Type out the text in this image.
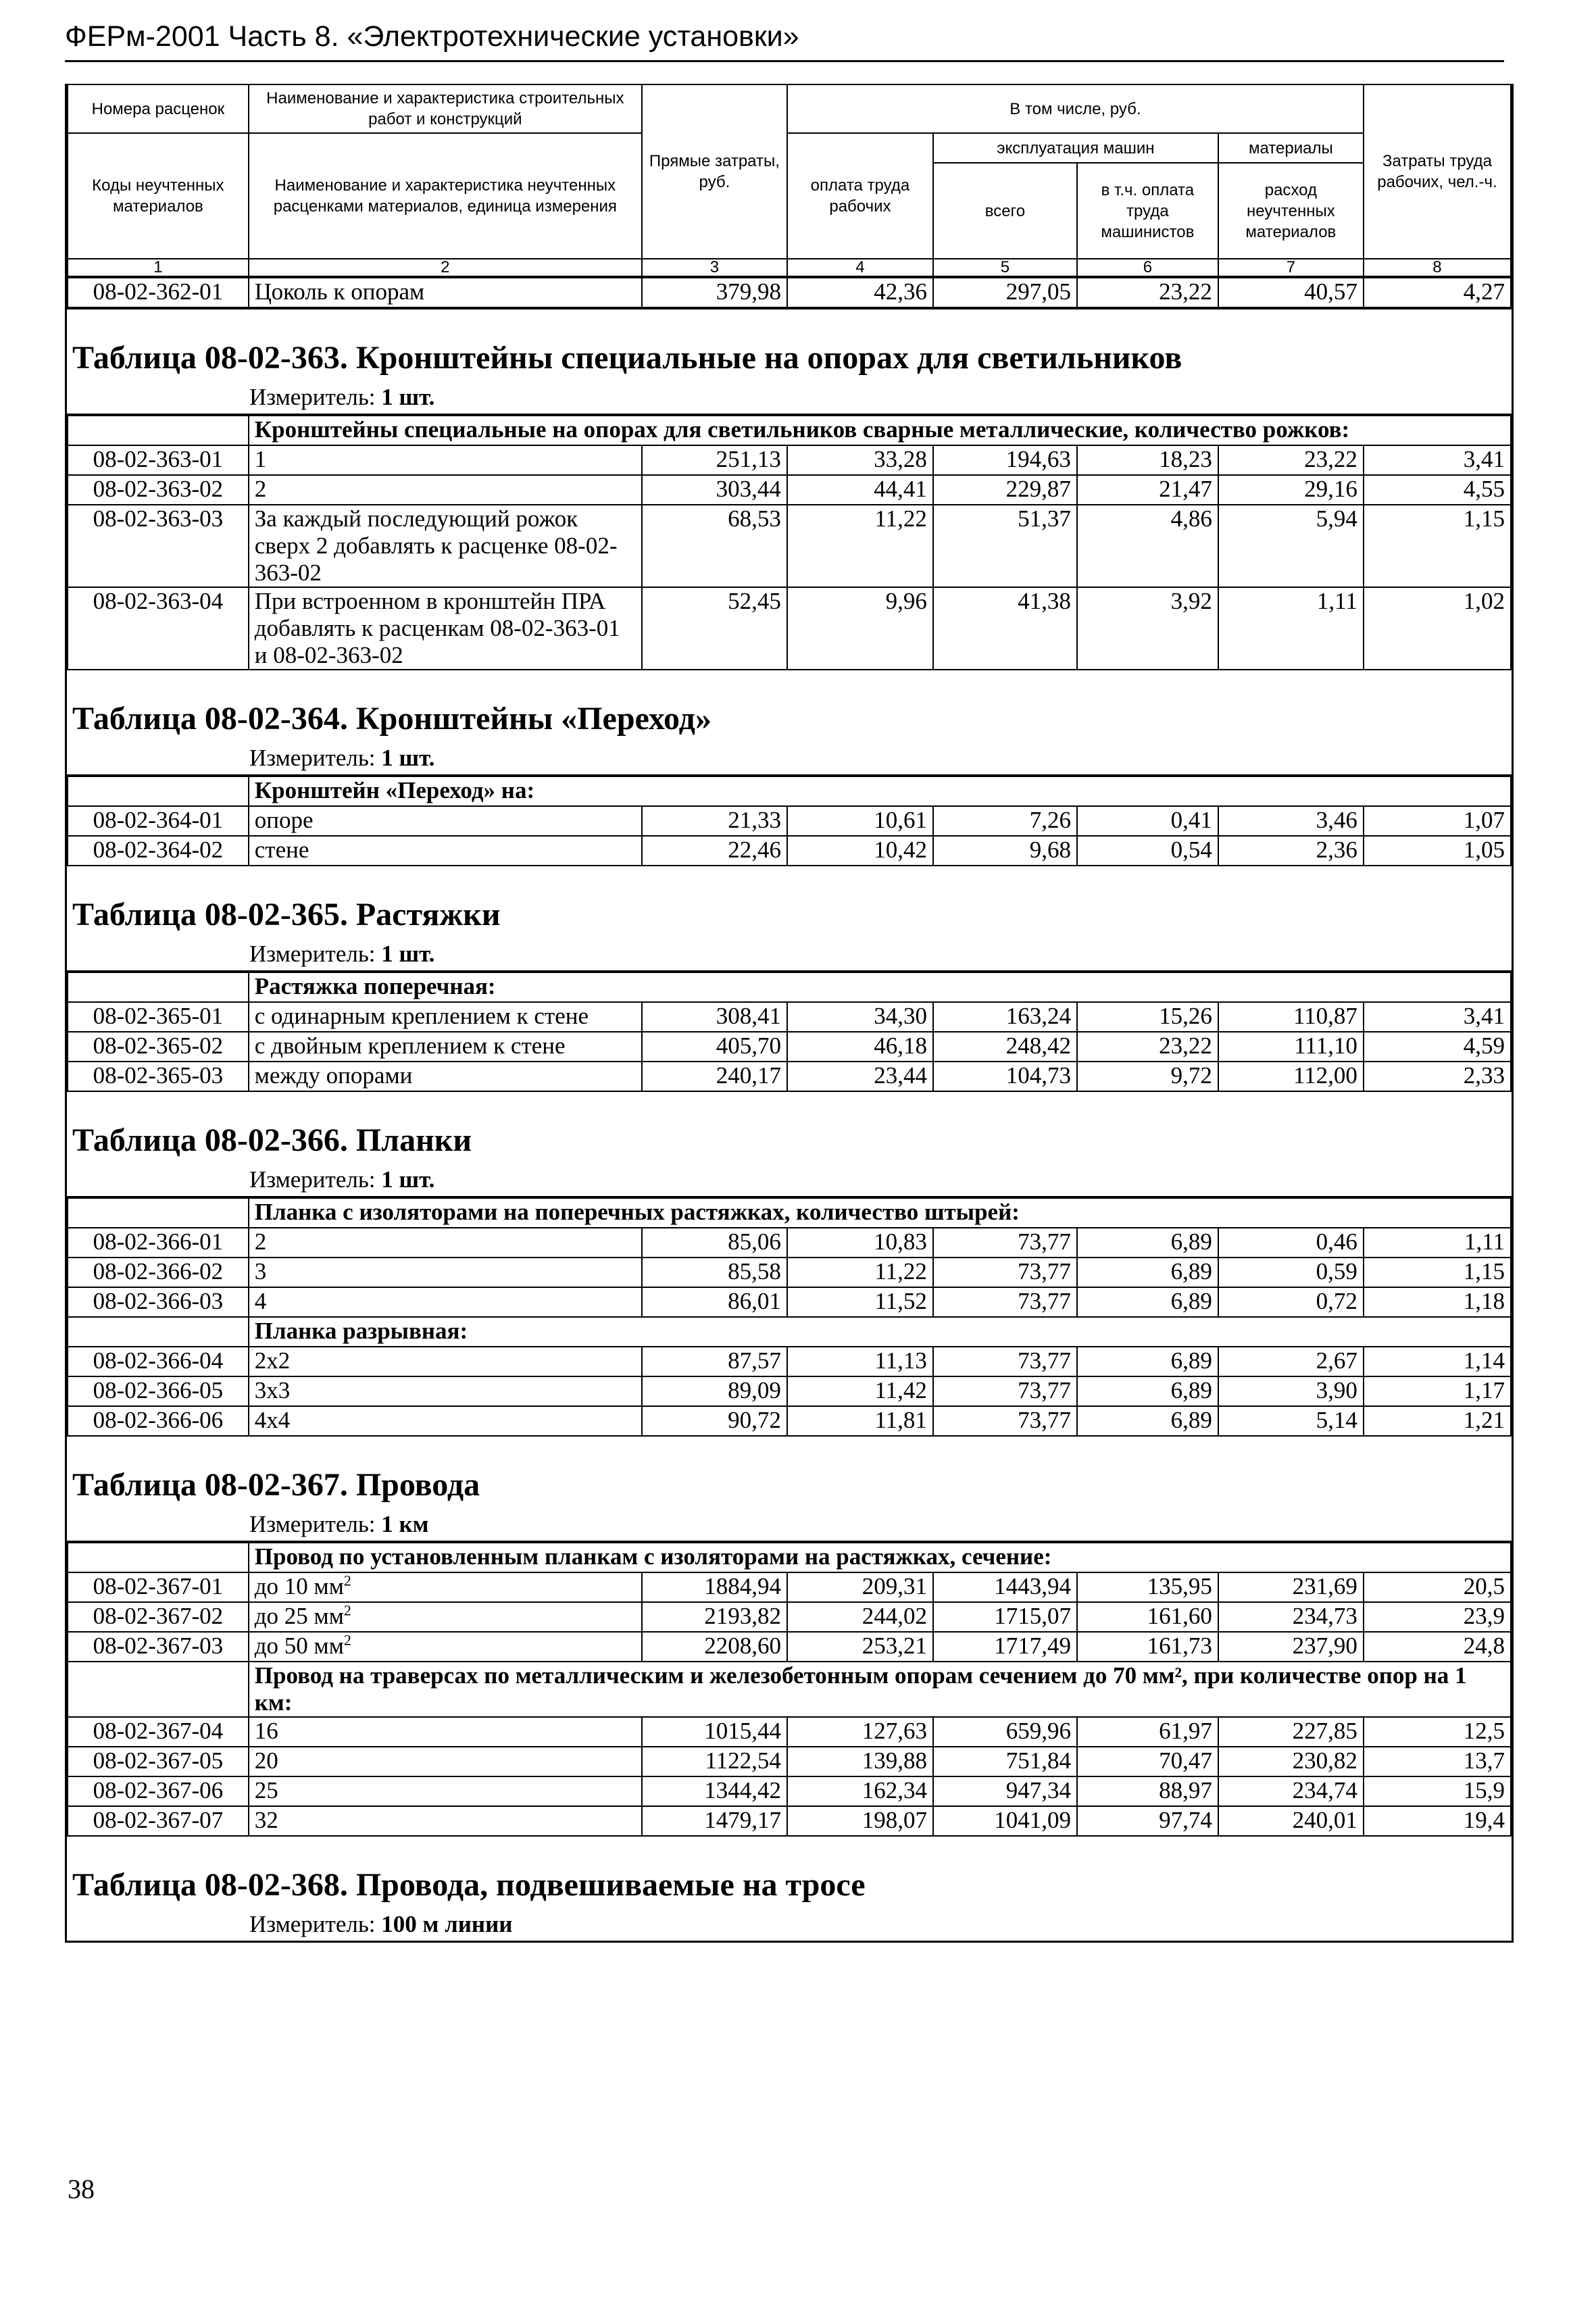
ФЕРм-2001 Часть 8. «Электротехнические установки»
Номера расценок	Наименование и характеристика строительных работ и конструкций	Прямые затраты, руб.	В том числе, руб.				Затраты труда рабочих, чел.-ч.
Коды неучтенных материалов	Наименование и характеристика неучтенных расценками материалов, единица измерения		оплата труда рабочих	эксплуатация машин		материалы	
				всего	в т.ч. оплата труда машинистов	расход неучтенных материалов	
1	2	3	4	5	6	7	8
08-02-362-01	Цоколь к опорам	379,98	42,36	297,05	23,22	40,57	4,27
Таблица 08-02-363. Кронштейны специальные на опорах для светильников
Измеритель: 1 шт.
	Кронштейны специальные на опорах для светильников сварные металлические, количество рожков:						
08-02-363-01	1	251,13	33,28	194,63	18,23	23,22	3,41
08-02-363-02	2	303,44	44,41	229,87	21,47	29,16	4,55
08-02-363-03	За каждый последующий рожок сверх 2 добавлять к расценке 08-02-363-02	68,53	11,22	51,37	4,86	5,94	1,15
08-02-363-04	При встроенном в кронштейн ПРА добавлять к расценкам 08-02-363-01 и 08-02-363-02	52,45	9,96	41,38	3,92	1,11	1,02
Таблица 08-02-364. Кронштейны «Переход»
Измеритель: 1 шт.
	Кронштейн «Переход» на:						
08-02-364-01	опоре	21,33	10,61	7,26	0,41	3,46	1,07
08-02-364-02	стене	22,46	10,42	9,68	0,54	2,36	1,05
Таблица 08-02-365. Растяжки
Измеритель: 1 шт.
	Растяжка поперечная:						
08-02-365-01	с одинарным креплением к стене	308,41	34,30	163,24	15,26	110,87	3,41
08-02-365-02	с двойным креплением к стене	405,70	46,18	248,42	23,22	111,10	4,59
08-02-365-03	между опорами	240,17	23,44	104,73	9,72	112,00	2,33
Таблица 08-02-366. Планки
Измеритель: 1 шт.
	Планка с изоляторами на поперечных растяжках, количество штырей:						
08-02-366-01	2	85,06	10,83	73,77	6,89	0,46	1,11
08-02-366-02	3	85,58	11,22	73,77	6,89	0,59	1,15
08-02-366-03	4	86,01	11,52	73,77	6,89	0,72	1,18
	Планка разрывная:						
08-02-366-04	2х2	87,57	11,13	73,77	6,89	2,67	1,14
08-02-366-05	3х3	89,09	11,42	73,77	6,89	3,90	1,17
08-02-366-06	4х4	90,72	11,81	73,77	6,89	5,14	1,21
Таблица 08-02-367. Провода
Измеритель: 1 км
	Провод по установленным планкам с изоляторами на растяжках, сечение:						
08-02-367-01	до 10 $мм^2$	1884,94	209,31	1443,94	135,95	231,69	20,5
08-02-367-02	до 25 $мм^2$	2193,82	244,02	1715,07	161,60	234,73	23,9
08-02-367-03	до 50 $мм^2$	2208,60	253,21	1717,49	161,73	237,90	24,8
	Провод на траверсах по металлическим и железобетонным опорам сечением до 70 мм², при количестве опор на 1 км:						
08-02-367-04	16	1015,44	127,63	659,96	61,97	227,85	12,5
08-02-367-05	20	1122,54	139,88	751,84	70,47	230,82	13,7
08-02-367-06	25	1344,42	162,34	947,34	88,97	234,74	15,9
08-02-367-07	32	1479,17	198,07	1041,09	97,74	240,01	19,4
Таблица 08-02-368. Провода, подвешиваемые на тросе
Измеритель: 100 м линии
38
